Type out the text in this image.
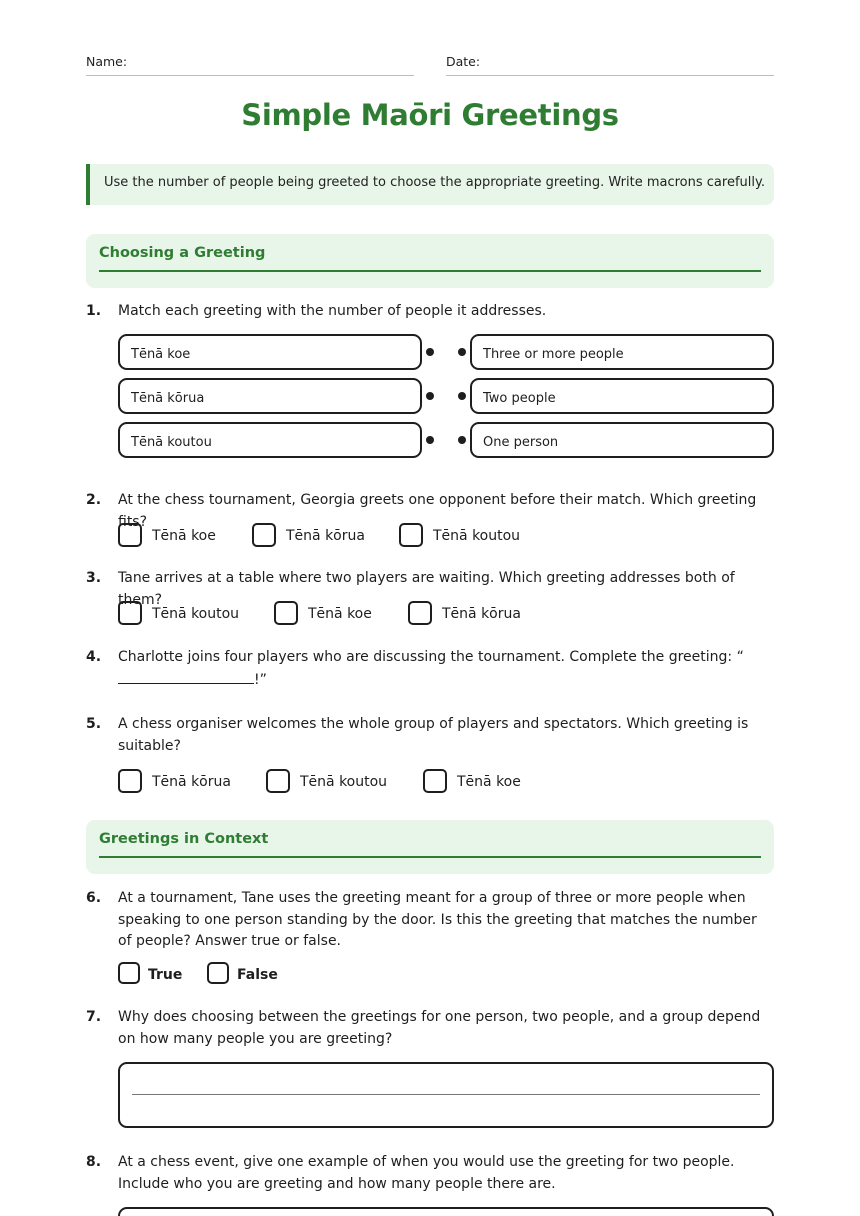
Name:	Date:
Simple Maōri Greetings
Use the number of people being greeted to choose the appropriate greeting. Write macrons carefully.
Choosing a Greeting
1. Match each greeting with the number of people it addresses.
Tēnā koe
Tēnā kōrua
Tēnā koutou
Three or more people
Two people
One person
2. At the chess tournament, Georgia greets one opponent before their match. Which greeting fits?
Tēnā koe	Tēnā kōrua	Tēnā koutou
3. Tane arrives at a table where two players are waiting. Which greeting addresses both of them?
Tēnā koutou	Tēnā koe	Tēnā kōrua
4. Charlotte joins four players who are discussing the tournament. Complete the greeting: “
!”
5. A chess organiser welcomes the whole group of players and spectators. Which greeting is suitable?
Tēnā kōrua	Tēnā koutou	Tēnā koe
Greetings in Context
6. At a tournament, Tane uses the greeting meant for a group of three or more people when speaking to one person standing by the door. Is this the greeting that matches the number of people? Answer true or false.
True	False
7. Why does choosing between the greetings for one person, two people, and a group depend on how many people you are greeting?
8. At a chess event, give one example of when you would use the greeting for two people. Include who you are greeting and how many people there are.
